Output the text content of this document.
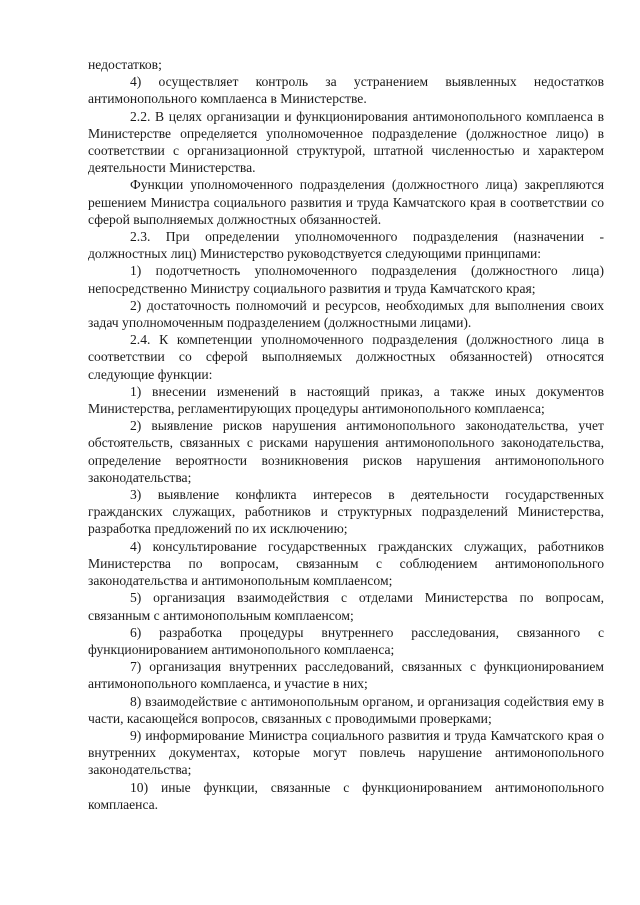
недостатков;

4) осуществляет контроль за устранением выявленных недостатков антимонопольного комплаенса в Министерстве.

2.2. В целях организации и функционирования антимонопольного комплаенса в Министерстве определяется уполномоченное подразделение (должностное лицо) в соответствии с организационной структурой, штатной численностью и характером деятельности Министерства.

Функции уполномоченного подразделения (должностного лица) закрепляются решением Министра социального развития и труда Камчатского края в соответствии со сферой выполняемых должностных обязанностей.

2.3. При определении уполномоченного подразделения (назначении - должностных лиц) Министерство руководствуется следующими принципами:

1) подотчетность уполномоченного подразделения (должностного лица) непосредственно Министру социального развития и труда Камчатского края;

2) достаточность полномочий и ресурсов, необходимых для выполнения своих задач уполномоченным подразделением (должностными лицами).

2.4. К компетенции уполномоченного подразделения (должностного лица в соответствии со сферой выполняемых должностных обязанностей) относятся следующие функции:

1) внесении изменений в настоящий приказ, а также иных документов Министерства, регламентирующих процедуры антимонопольного комплаенса;

2) выявление рисков нарушения антимонопольного законодательства, учет обстоятельств, связанных с рисками нарушения антимонопольного законодательства, определение вероятности возникновения рисков нарушения антимонопольного законодательства;

3) выявление конфликта интересов в деятельности государственных гражданских служащих, работников и структурных подразделений Министерства, разработка предложений по их исключению;

4) консультирование государственных гражданских служащих, работников Министерства по вопросам, связанным с соблюдением антимонопольного законодательства и антимонопольным комплаенсом;

5) организация взаимодействия с отделами Министерства по вопросам, связанным с антимонопольным комплаенсом;

6) разработка процедуры внутреннего расследования, связанного с функционированием антимонопольного комплаенса;

7) организация внутренних расследований, связанных с функционированием антимонопольного комплаенса, и участие в них;

8) взаимодействие с антимонопольным органом, и организация содействия ему в части, касающейся вопросов, связанных с проводимыми проверками;

9) информирование Министра социального развития и труда Камчатского края о внутренних документах, которые могут повлечь нарушение антимонопольного законодательства;

10) иные функции, связанные с функционированием антимонопольного комплаенса.
